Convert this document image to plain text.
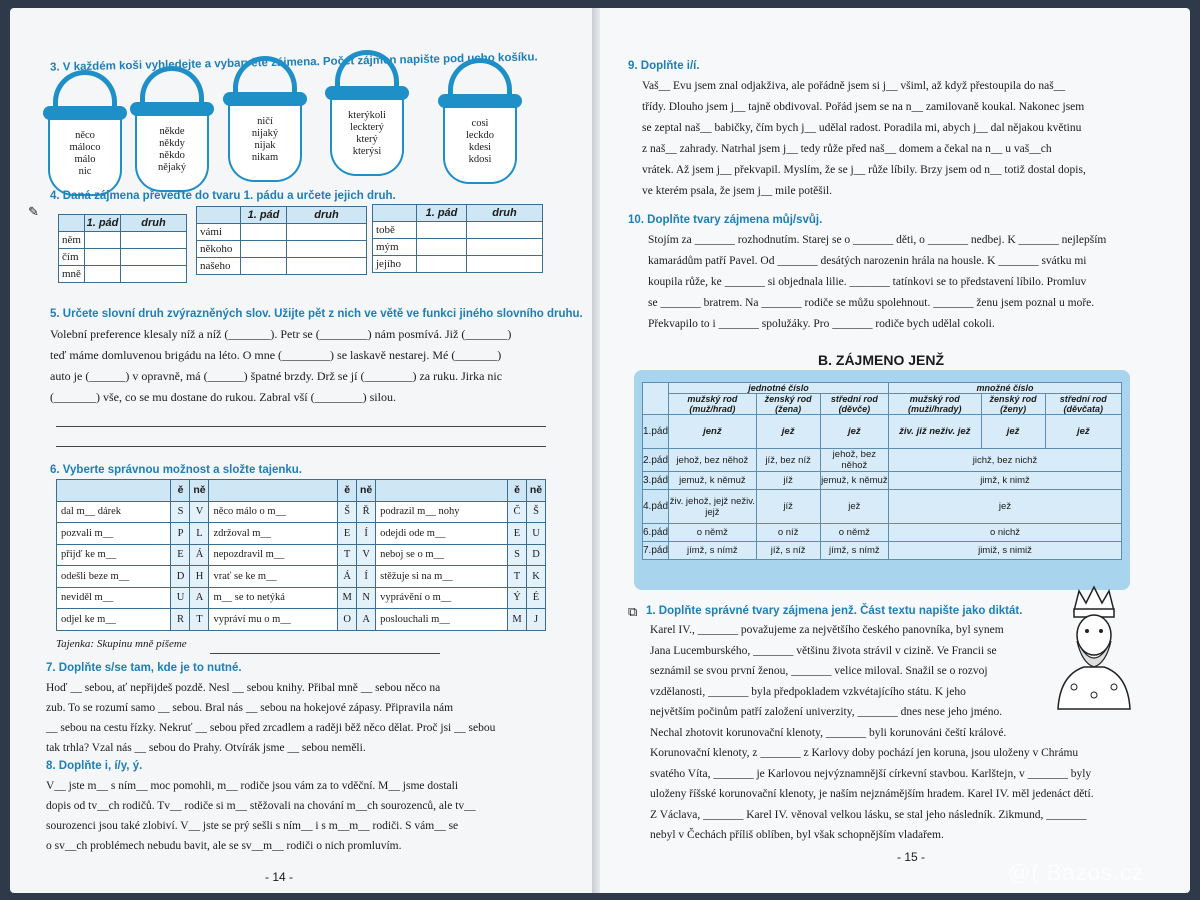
3. V každém koši vyhledejte a vybarvěte zájmena. Počet zájmen napište pod ucho košíku.
něco
máloco
málo
nic
někde
někdy
někdo
nějaký
ničí
nijaký
nijak
nikam
kterýkoli
leckterý
který
kterýsi
cosi
leckdo
kdesi
kdosi
4. Daná zájmena převeďte do tvaru 1. pádu a určete jejich druh.
✎
	1. pád	druh
něm		
čím		
mně		
	1. pád	druh
vámi		
někoho		
našeho		
	1. pád	druh
tobě		
mým		
jejího		
5. Určete slovní druh zvýrazněných slov. Užijte pět z nich ve větě ve funkci jiného slovního druhu.
Volební preference klesaly níž a níž (_______). Petr se (________) nám posmívá. Již (_______)
teď máme domluvenou brigádu na léto. O mne (________) se laskavě nestarej. Mé (_______)
auto je (______) v opravně, má (______) špatné brzdy. Drž se jí (________) za ruku. Jirka nic
(_______) vše, co se mu dostane do rukou. Zabral vší (________) silou.
6. Vyberte správnou možnost a složte tajenku.
	ě	ně		ě	ně		ě	ně
dal m__ dárek	S	V	něco málo o m__	Š	Ř	podrazil m__ nohy	Č	Š
pozvali m__	P	L	zdržoval m__	E	Í	odejdi ode m__	E	U
přijď ke m__	E	Á	nepozdravil m__	T	V	neboj se o m__	S	D
odešli beze m__	D	H	vrať se ke m__	Á	Í	stěžuje si na m__	T	K
neviděl m__	U	A	m__ se to netýká	M	N	vyprávění o m__	Ý	É
odjel ke m__	R	T	vypráví mu o m__	O	A	poslouchali m__	M	J
Tajenka: Skupinu mně píšeme
7. Doplňte s/se tam, kde je to nutné.
Hoď __ sebou, ať nepřijdeš pozdě. Nesl __ sebou knihy. Přibal mně __ sebou něco na
zub. To se rozumí samo __ sebou. Bral nás __ sebou na hokejové zápasy. Připravila nám
__ sebou na cestu řízky. Nekruť __ sebou před zrcadlem a raději běž něco dělat. Proč jsi __ sebou
tak trhla? Vzal nás __ sebou do Prahy. Otvírák jsme __ sebou neměli.
8. Doplňte i, í/y, ý.
V__ jste m__ s ním__ moc pomohli, m__ rodiče jsou vám za to vděční. M__ jsme dostali
dopis od tv__ch rodičů. Tv__ rodiče si m__ stěžovali na chování m__ch sourozenců, ale tv__
sourozenci jsou také zlobiví. V__ jste se prý sešli s ním__ i s m__m__ rodiči. S vám__ se
o sv__ch problémech nebudu bavit, ale se sv__m__ rodiči o nich promluvím.
- 14 -
9. Doplňte i/í.
Vaš__ Evu jsem znal odjakživa, ale pořádně jsem si j__ všiml, až když přestoupila do naš__
třídy. Dlouho jsem j__ tajně obdivoval. Pořád jsem se na n__ zamilovaně koukal. Nakonec jsem
se zeptal naš__ babičky, čím bych j__ udělal radost. Poradila mi, abych j__ dal nějakou květinu
z naš__ zahrady. Natrhal jsem j__ tedy růže před naš__ domem a čekal na n__ u vaš__ch
vrátek. Až jsem j__ překvapil. Myslím, že se j__ růže líbily. Brzy jsem od n__ totiž dostal dopis,
ve kterém psala, že jsem j__ mile potěšil.
10. Doplňte tvary zájmena můj/svůj.
Stojím za _______ rozhodnutím. Starej se o _______ děti, o _______ nedbej. K _______ nejlepším
kamarádům patří Pavel. Od _______ desátých narozenin hrála na housle. K _______ svátku mi
koupila růže, ke _______ si objednala lilie. _______ tatínkovi se to představení líbilo. Promluv
se _______ bratrem. Na _______ rodiče se můžu spolehnout. _______ ženu jsem poznal u moře.
Překvapilo to i _______ spolužáky. Pro _______ rodiče bych udělal cokoli.
B. ZÁJMENO JENŽ
	jednotné číslo			množné číslo		
	mužský rod (muž/hrad)	ženský rod (žena)	střední rod (děvče)	mužský rod (muži/hrady)	ženský rod (ženy)	střední rod (děvčata)
1.pád	jenž	jež	jež	živ. již neživ. jež	jež	jež
2.pád	jehož, bez něhož	jíž, bez níž	jehož, bez něhož	jichž, bez nichž		
3.pád	jemuž, k němuž	jíž	jemuž, k němuž	jimž, k nimž		
4.pád	živ. jehož, jejž neživ. jejž	jíž	jež	jež		
6.pád	o němž	o níž	o němž	o nichž		
7.pád	jímž, s nímž	jíž, s níž	jímž, s nímž	jimiž, s nimiž		
⧉ 1. Doplňte správné tvary zájmena jenž. Část textu napište jako diktát.
Karel IV., _______ považujeme za největšího českého panovníka, byl synem
Jana Lucemburského, _______ většinu života strávil v cizině. Ve Francii se
seznámil se svou první ženou, _______ velice miloval. Snažil se o rozvoj
vzdělanosti, _______ byla předpokladem vzkvétajícího státu. K jeho
největším počinům patří založení univerzity, _______ dnes nese jeho jméno.
Nechal zhotovit korunovační klenoty, _______ byli korunováni čeští králové.
Korunovační klenoty, z _______ z Karlovy doby pochází jen koruna, jsou uloženy v Chrámu
svatého Víta, _______ je Karlovou nejvýznamnější církevní stavbou. Karlštejn, v _______ byly
uloženy říšské korunovační klenoty, je naším nejznámějším hradem. Karel IV. měl jedenáct dětí.
Z Václava, _______ Karel IV. věnoval velkou lásku, se stal jeho následník. Zikmund, _______
nebyl v Čechách příliš oblíben, byl však schopnějším vladařem.
- 15 -
@( Bazos.cz
